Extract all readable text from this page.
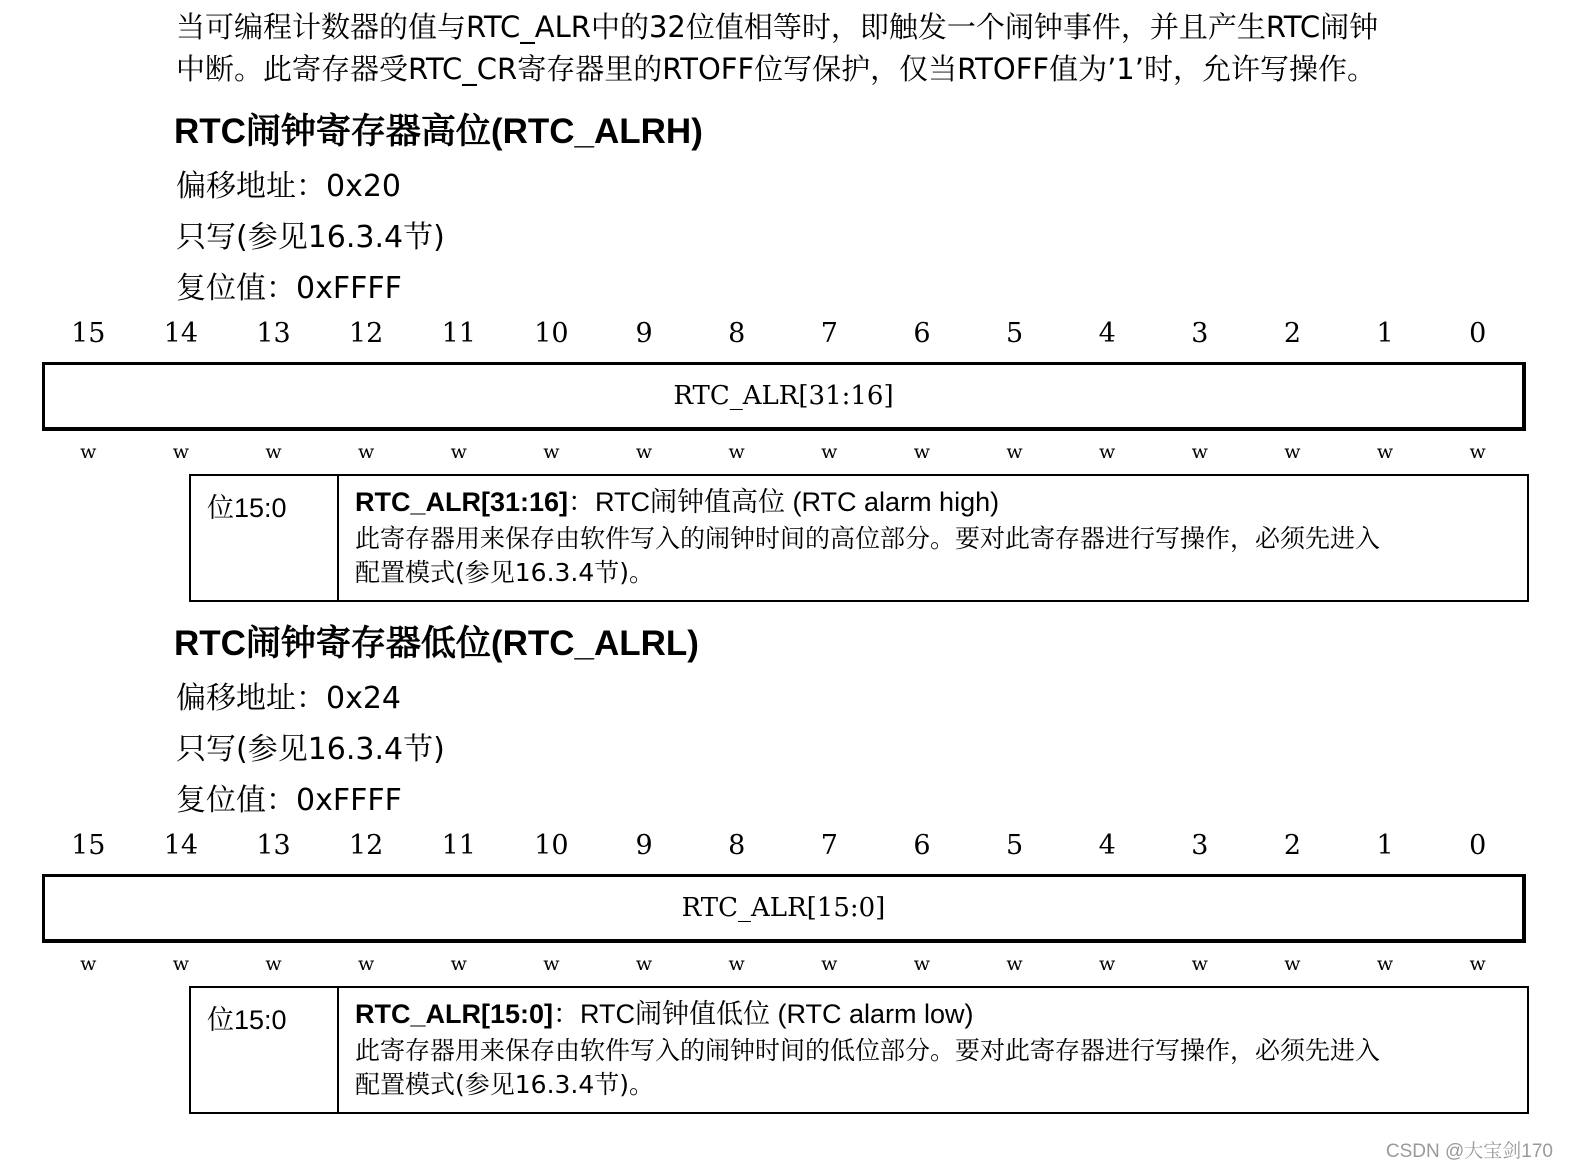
当可编程计数器的值与RTC_ALR中的32位值相等时，即触发一个闹钟事件，并且产生RTC闹钟
中断。此寄存器受RTC_CR寄存器里的RTOFF位写保护，仅当RTOFF值为’1’时，允许写操作。
RTC闹钟寄存器高位(RTC_ALRH)
偏移地址：0x20
只写(参见16.3.4节)
复位值：0xFFFF
15	14	13	12	11	10	9	8	7	6	5	4	3	2	1	0
RTC_ALR[31:16]
w	w	w	w	w	w	w	w	w	w	w	w	w	w	w	w
位15:0	RTC_ALR[31:16]：RTC闹钟值高位 (RTC alarm high)
此寄存器用来保存由软件写入的闹钟时间的高位部分。要对此寄存器进行写操作，必须先进入
配置模式(参见16.3.4节)。
RTC闹钟寄存器低位(RTC_ALRL)
偏移地址：0x24
只写(参见16.3.4节)
复位值：0xFFFF
15	14	13	12	11	10	9	8	7	6	5	4	3	2	1	0
RTC_ALR[15:0]
w	w	w	w	w	w	w	w	w	w	w	w	w	w	w	w
位15:0	RTC_ALR[15:0]：RTC闹钟值低位 (RTC alarm low)
此寄存器用来保存由软件写入的闹钟时间的低位部分。要对此寄存器进行写操作，必须先进入
配置模式(参见16.3.4节)。
CSDN @大宝剑170
